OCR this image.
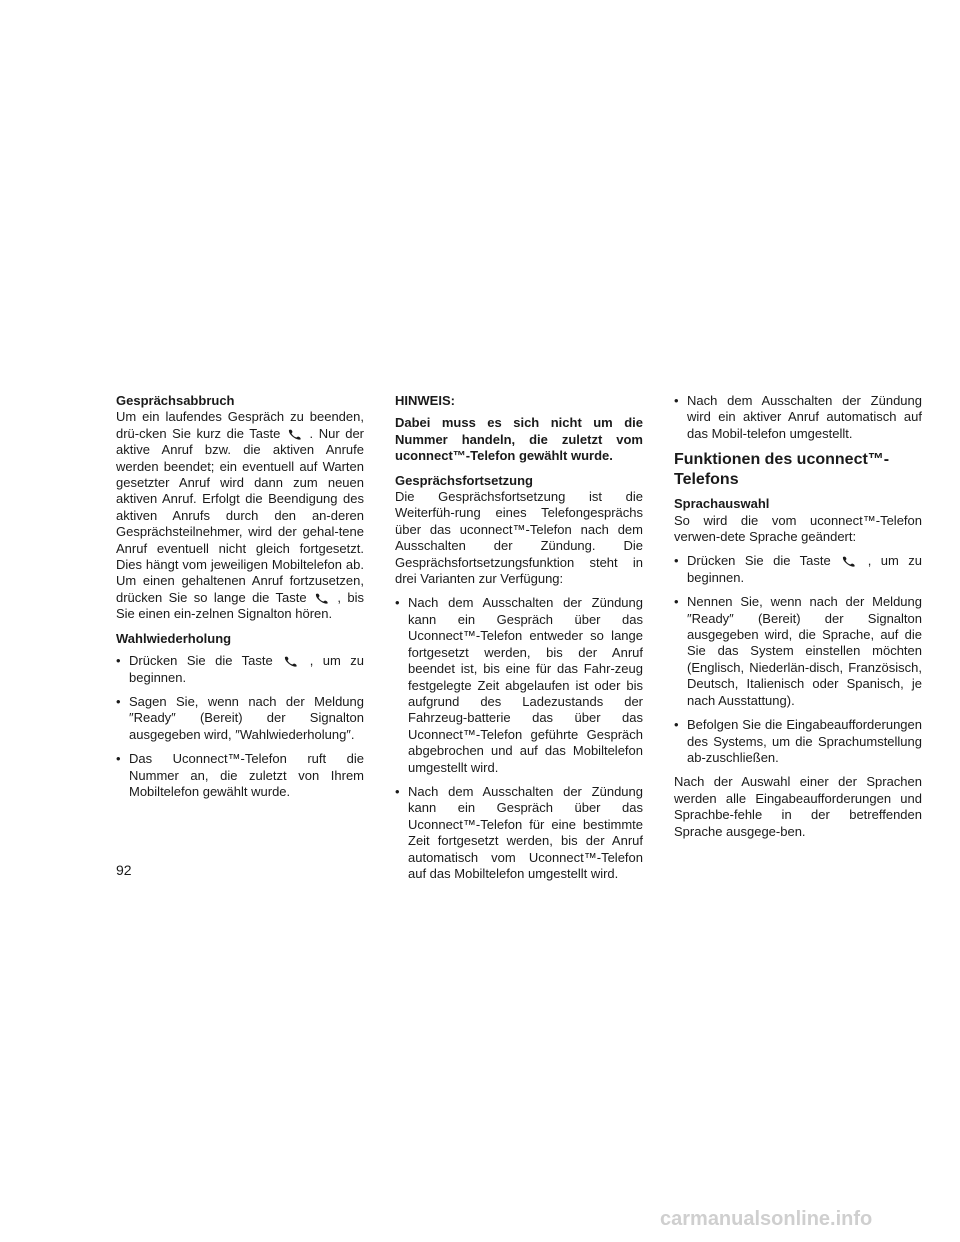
Gesprächsabbruch

Um ein laufendes Gespräch zu beenden, drü-cken Sie kurz die Taste . Nur der aktive Anruf bzw. die aktiven Anrufe werden beendet; ein eventuell auf Warten gesetzter Anruf wird dann zum neuen aktiven Anruf. Erfolgt die Beendigung des aktiven Anrufs durch den an-deren Gesprächsteilnehmer, wird der gehal-tene Anruf eventuell nicht gleich fortgesetzt. Dies hängt vom jeweiligen Mobiltelefon ab. Um einen gehaltenen Anruf fortzusetzen, drücken Sie so lange die Taste , bis Sie einen ein-zelnen Signalton hören.

Wahlwiederholung
• Drücken Sie die Taste	, um zu beginnen.
• Sagen Sie, wenn nach der Meldung ″Ready″ (Bereit) der Signalton ausgegeben wird, ″Wahlwiederholung″.
• Das Uconnect™-Telefon ruft die Nummer an, die zuletzt von Ihrem Mobiltelefon gewählt wurde.
HINWEIS:
Dabei muss es sich nicht um die Nummer handeln, die zuletzt vom uconnect™-Telefon gewählt wurde.
Gesprächsfortsetzung

Die Gesprächsfortsetzung ist die Weiterfüh-rung eines Telefongesprächs über das uconnect™-Telefon nach dem Ausschalten der Zündung. Die Gesprächsfortsetzungsfunktion steht in drei Varianten zur Verfügung:

• Nach dem Ausschalten der Zündung kann ein Gespräch über das Uconnect™-Telefon entweder so lange fortgesetzt werden, bis der Anruf beendet ist, bis eine für das Fahr-zeug festgelegte Zeit abgelaufen ist oder bis aufgrund des Ladezustands der Fahrzeug-batterie das über das Uconnect™-Telefon geführte Gespräch abgebrochen und auf das Mobiltelefon umgestellt wird.
• Nach dem Ausschalten der Zündung kann ein Gespräch über das Uconnect™-Telefon für eine bestimmte Zeit fortgesetzt werden, bis der Anruf automatisch vom Uconnect™-Telefon auf das Mobiltelefon umgestellt wird.
• Nach dem Ausschalten der Zündung wird ein aktiver Anruf automatisch auf das Mobil-telefon umgestellt.
Funktionen des uconnect™-Telefons
Sprachauswahl

So wird die vom uconnect™-Telefon verwen-dete Sprache geändert:

• Drücken Sie die Taste	, um zu beginnen.
• Nennen Sie, wenn nach der Meldung ″Ready″ (Bereit) der Signalton ausgegeben wird, die Sprache, auf die Sie das System einstellen möchten (Englisch, Niederlän-disch, Französisch, Deutsch, Italienisch oder Spanisch, je nach Ausstattung).
• Befolgen Sie die Eingabeaufforderungen des Systems, um die Sprachumstellung ab-zuschließen.

Nach der Auswahl einer der Sprachen werden alle Eingabeaufforderungen und Sprachbe-fehle in der betreffenden Sprache ausgege-ben.

92
carmanualsonline.info
